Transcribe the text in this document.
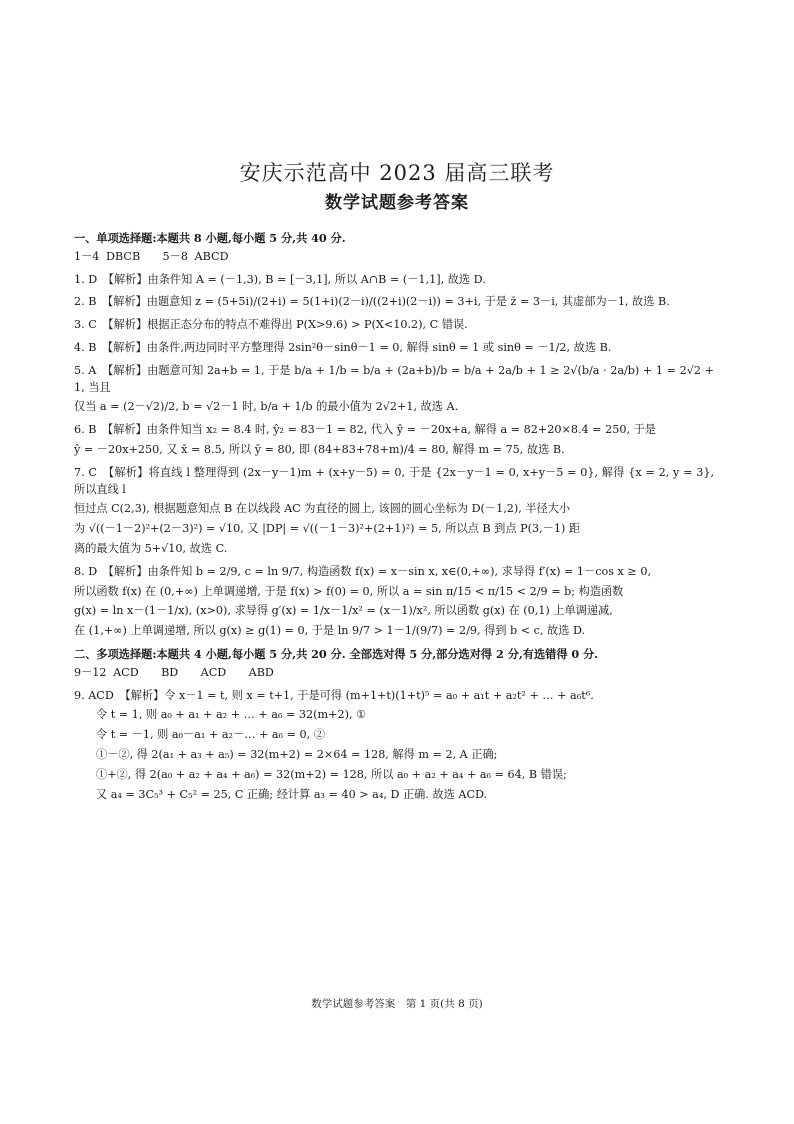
安庆示范高中 2023 届高三联考
数学试题参考答案
一、单项选择题:本题共 8 小题,每小题 5 分,共 40 分.
1－4 DBCB　　5－8 ABCD

1. D　 【解析】由条件知 A = (－1,3), B = [－3,1], 所以 A∩B = (－1,1], 故选 D.

2. B　 【解析】由题意知 z = (5+5i)/(2+i) = 5(1+i)(2－i)/((2+i)(2－i)) = 3+i, 于是 z̄ = 3－i, 其虚部为－1, 故选 B.

3. C　 【解析】根据正态分布的特点不难得出 P(X>9.6) > P(X<10.2), C 错误.

4. B　 【解析】由条件,两边同时平方整理得 2sin²θ－sinθ－1 = 0, 解得 sinθ = 1 或 sinθ = －1/2, 故选 B.

5. A　 【解析】由题意可知 2a+b = 1, 于是 b/a + 1/b = b/a + (2a+b)/b = b/a + 2a/b + 1 ≥ 2√(b/a · 2a/b) + 1 = 2√2 + 1, 当且

仅当 a = (2－√2)/2, b = √2－1 时, b/a + 1/b 的最小值为 2√2+1, 故选 A.

6. B　 【解析】由条件知当 x₂ = 8.4 时, ŷ₂ = 83－1 = 82, 代入 ŷ = －20x+a, 解得 a = 82+20×8.4 = 250, 于是

ŷ = －20x+250, 又 x̄ = 8.5, 所以 ȳ = 80, 即 (84+83+78+m)/4 = 80, 解得 m = 75, 故选 B.

7. C　 【解析】将直线 l 整理得到 (2x－y－1)m + (x+y－5) = 0, 于是 {2x－y－1 = 0, x+y－5 = 0}, 解得 {x = 2, y = 3}, 所以直线 l

恒过点 C(2,3), 根据题意知点 B 在以线段 AC 为直径的圆上, 该圆的圆心坐标为 D(－1,2), 半径大小

为 √((－1－2)²+(2－3)²) = √10, 又 |DP| = √((－1－3)²+(2+1)²) = 5, 所以点 B 到点 P(3,－1) 距

离的最大值为 5+√10, 故选 C.

8. D　 【解析】由条件知 b = 2/9, c = ln 9/7, 构造函数 f(x) = x－sin x, x∈(0,+∞), 求导得 f′(x) = 1－cos x ≥ 0,

所以函数 f(x) 在 (0,+∞) 上单调递增, 于是 f(x) > f(0) = 0, 所以 a = sin π/15 < π/15 < 2/9 = b; 构造函数

g(x) = ln x－(1－1/x), (x>0), 求导得 g′(x) = 1/x－1/x² = (x－1)/x², 所以函数 g(x) 在 (0,1) 上单调递减,

在 (1,+∞) 上单调递增, 所以 g(x) ≥ g(1) = 0, 于是 ln 9/7 > 1－1/(9/7) = 2/9, 得到 b < c, 故选 D.

二、多项选择题:本题共 4 小题,每小题 5 分,共 20 分. 全部选对得 5 分,部分选对得 2 分,有选错得 0 分.
9－12 ACD　　BD　　ACD　　ABD

9. ACD　 【解析】令 x－1 = t, 则 x = t+1, 于是可得 (m+1+t)(1+t)⁵ = a₀ + a₁t + a₂t² + … + a₆t⁶.

令 t = 1, 则 a₀ + a₁ + a₂ + … + a₆ = 32(m+2), ①
令 t = －1, 则 a₀－a₁ + a₂－… + a₆ = 0, ②
①－②, 得 2(a₁ + a₃ + a₅) = 32(m+2) = 2×64 = 128, 解得 m = 2, A 正确;
①+②, 得 2(a₀ + a₂ + a₄ + a₆) = 32(m+2) = 128, 所以 a₀ + a₂ + a₄ + a₆ = 64, B 错误;
又 a₄ = 3C₅³ + C₅² = 25, C 正确; 经计算 a₃ = 40 > a₄, D 正确. 故选 ACD.
数学试题参考答案　第 1 页(共 8 页)
